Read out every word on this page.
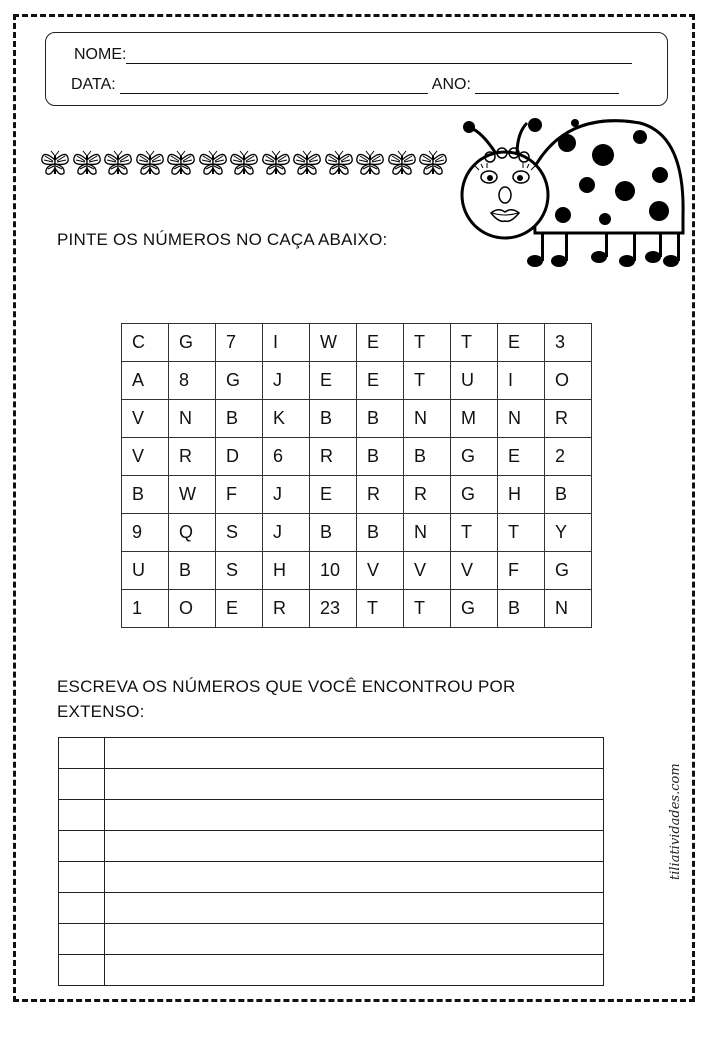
NOME:
DATA:	ANO:
PINTE OS NÚMEROS NO CAÇA ABAIXO:
C	G	7	I	W	E	T	T	E	3
A	8	G	J	E	E	T	U	I	O
V	N	B	K	B	B	N	M	N	R
V	R	D	6	R	B	B	G	E	2
B	W	F	J	E	R	R	G	H	B
9	Q	S	J	B	B	N	T	T	Y
U	B	S	H	10	V	V	V	F	G
1	O	E	R	23	T	T	G	B	N
ESCREVA OS NÚMEROS QUE VOCÊ ENCONTROU POR
EXTENSO:

tiliatividades.com
